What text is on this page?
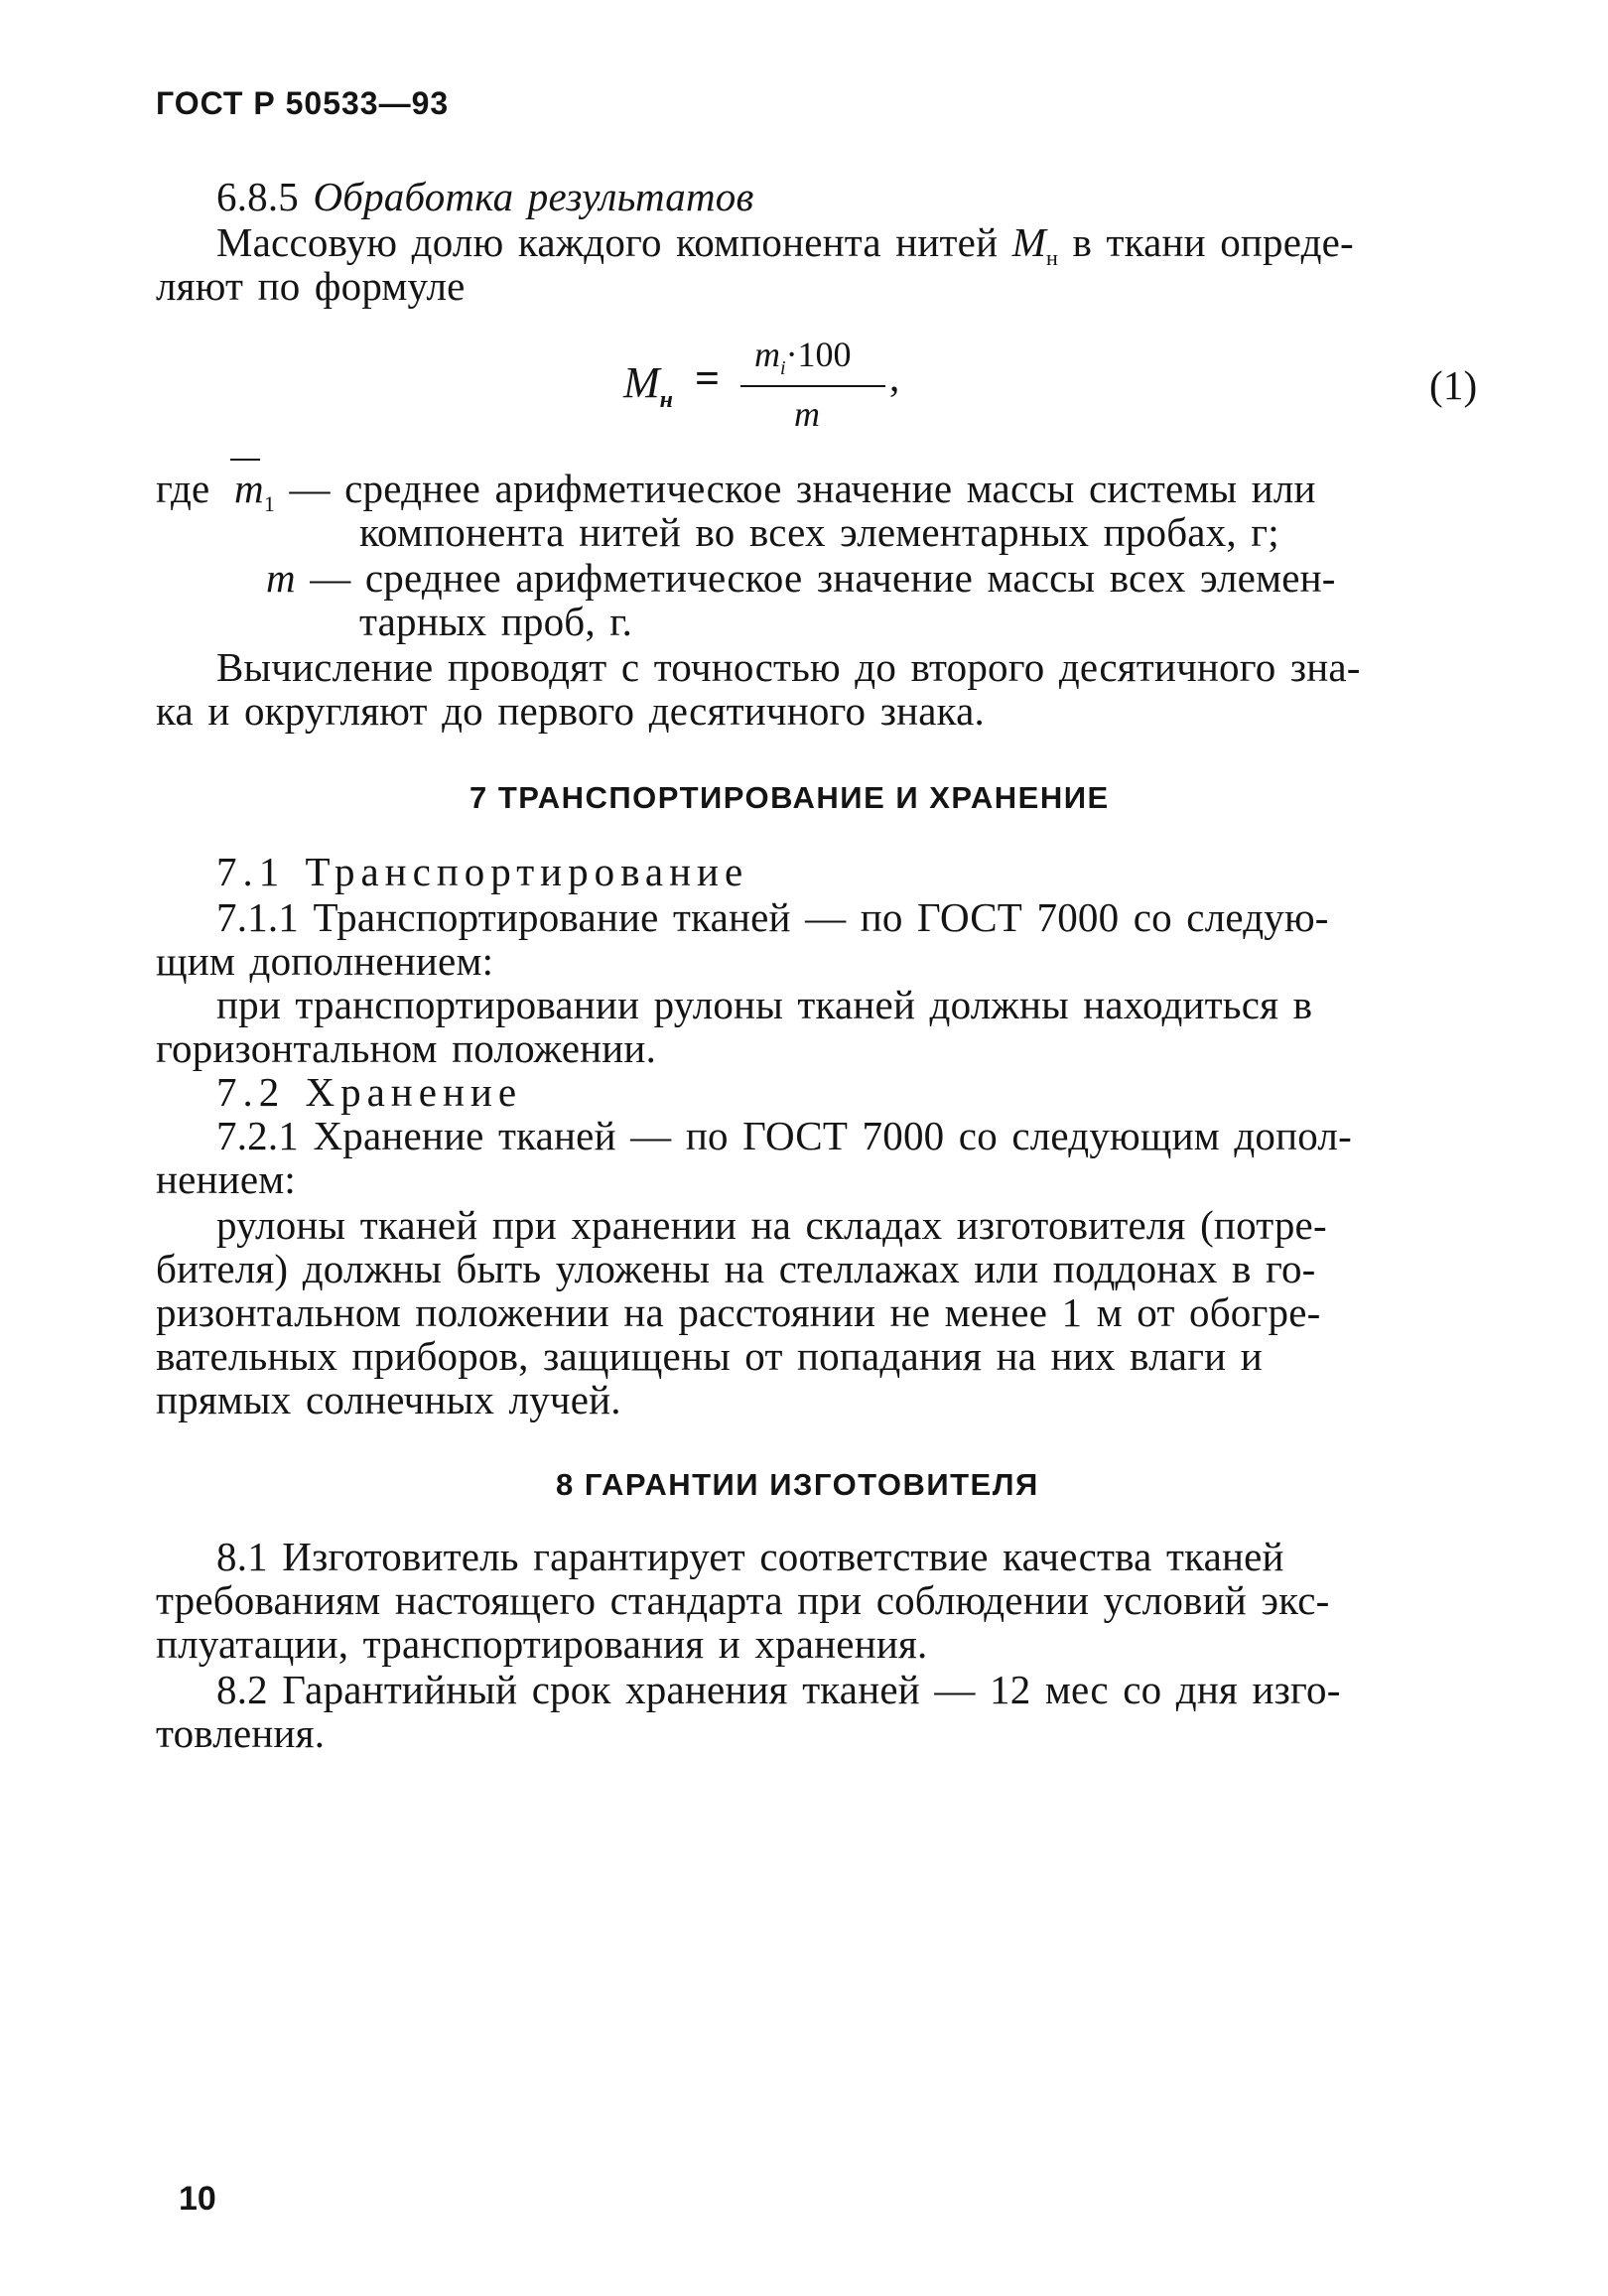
ГОСТ Р 50533—93
6.8.5 Обработка результатов
Массовую долю каждого компонента нитей $M_н$ в ткани опреде-
ляют по формуле
$M_н = m_i\cdot 100$
m
,	(1)
где $m_1$ — среднее арифметическое значение массы системы или
компонента нитей во всех элементарных пробах, г;
m — среднее арифметическое значение массы всех элемен-
тарных проб, г.
Вычисление проводят с точностью до второго десятичного зна-
ка и округляют до первого десятичного знака.
7 ТРАНСПОРТИРОВАНИЕ И ХРАНЕНИЕ
7.1 Транспортирование
7.1.1 Транспортирование тканей — по ГОСТ 7000 со следую-
щим дополнением:
при транспортировании рулоны тканей должны находиться в
горизонтальном положении.
7.2 Хранение
7.2.1 Хранение тканей — по ГОСТ 7000 со следующим допол-
нением:
рулоны тканей при хранении на складах изготовителя (потре-
бителя) должны быть уложены на стеллажах или поддонах в го-
ризонтальном положении на расстоянии не менее 1 м от обогре-
вательных приборов, защищены от попадания на них влаги и
прямых солнечных лучей.
8 ГАРАНТИИ ИЗГОТОВИТЕЛЯ
8.1 Изготовитель гарантирует соответствие качества тканей
требованиям настоящего стандарта при соблюдении условий экс-
плуатации, транспортирования и хранения.
8.2 Гарантийный срок хранения тканей — 12 мес со дня изго-
товления.
10
